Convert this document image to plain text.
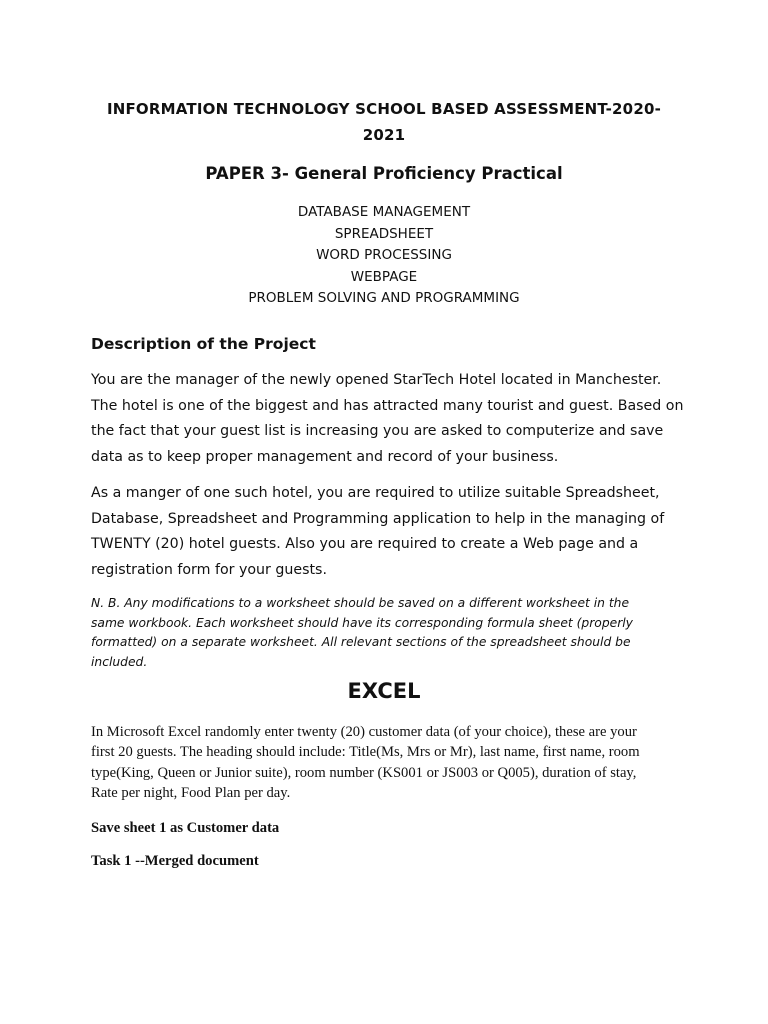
INFORMATION TECHNOLOGY SCHOOL BASED ASSESSMENT-2020-
2021
PAPER 3- General Proficiency Practical
DATABASE MANAGEMENT
SPREADSHEET
WORD PROCESSING
WEBPAGE
PROBLEM SOLVING AND PROGRAMMING
Description of the Project
You are the manager of the newly opened StarTech Hotel located in Manchester.
The hotel is one of the biggest and has attracted many tourist and guest. Based on
the fact that your guest list is increasing you are asked to computerize and save
data as to keep proper management and record of your business.
As a manger of one such hotel, you are required to utilize suitable Spreadsheet,
Database, Spreadsheet and Programming application to help in the managing of
TWENTY (20) hotel guests. Also you are required to create a Web page and a
registration form for your guests.
N. B. Any modifications to a worksheet should be saved on a different worksheet in the
same workbook. Each worksheet should have its corresponding formula sheet (properly
formatted) on a separate worksheet. All relevant sections of the spreadsheet should be
included.
EXCEL
In Microsoft Excel randomly enter twenty (20) customer data (of your choice), these are your
first 20 guests. The heading should include: Title(Ms, Mrs or Mr), last name, first name, room
type(King, Queen or Junior suite), room number (KS001 or JS003 or Q005), duration of stay,
Rate per night, Food Plan per day.
Save sheet 1 as Customer data
Task 1 --Merged document
